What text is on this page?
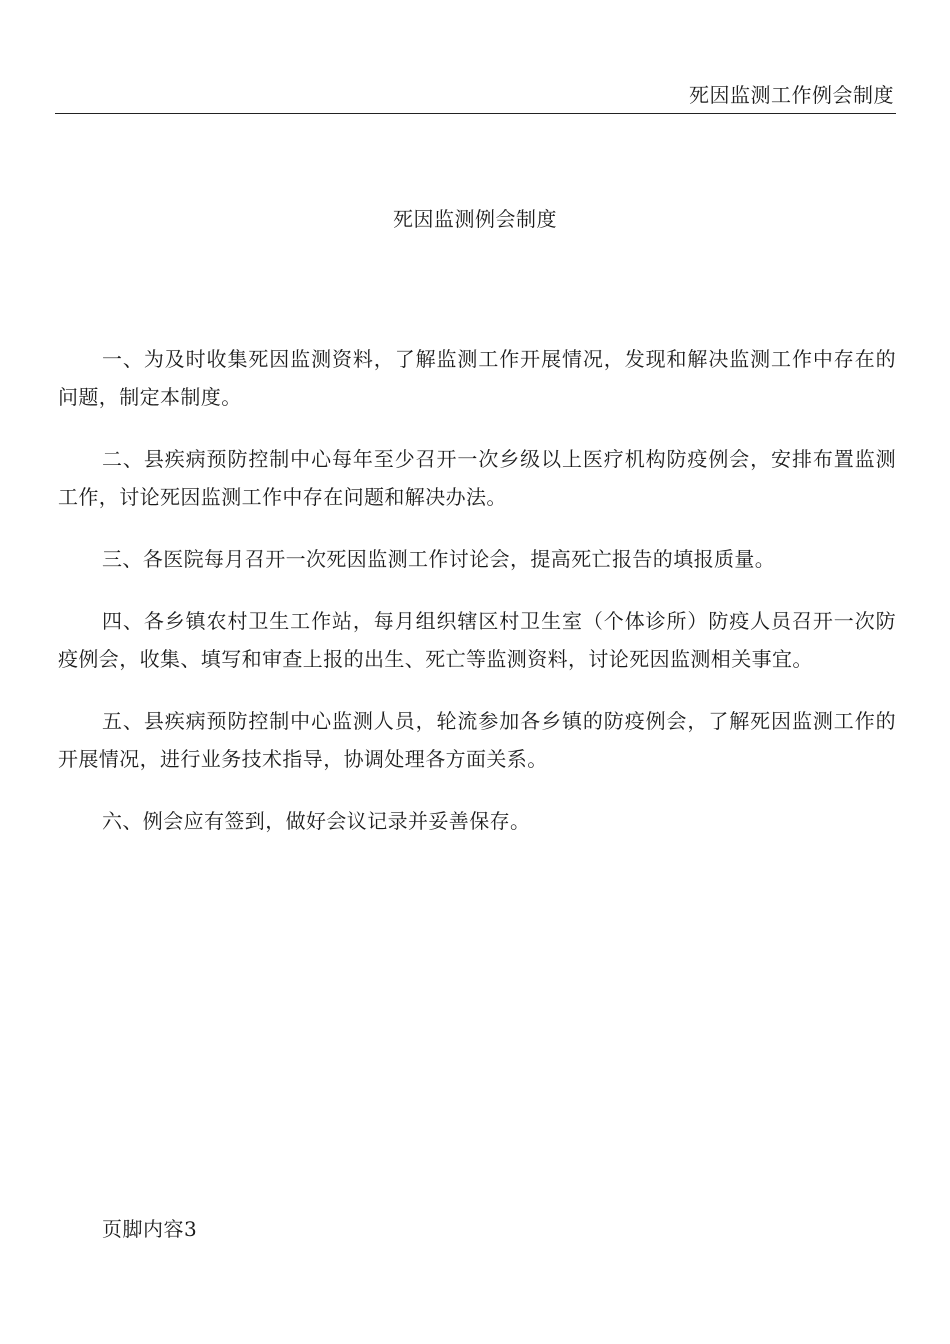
死因监测工作例会制度
死因监测例会制度

一、为及时收集死因监测资料，了解监测工作开展情况，发现和解决监测工作中存在的问题，制定本制度。

二、县疾病预防控制中心每年至少召开一次乡级以上医疗机构防疫例会，安排布置监测工作，讨论死因监测工作中存在问题和解决办法。

三、各医院每月召开一次死因监测工作讨论会，提高死亡报告的填报质量。

四、各乡镇农村卫生工作站，每月组织辖区村卫生室（个体诊所）防疫人员召开一次防疫例会，收集、填写和审查上报的出生、死亡等监测资料，讨论死因监测相关事宜。

五、县疾病预防控制中心监测人员，轮流参加各乡镇的防疫例会，了解死因监测工作的开展情况，进行业务技术指导，协调处理各方面关系。

六、例会应有签到，做好会议记录并妥善保存。

页脚内容3
